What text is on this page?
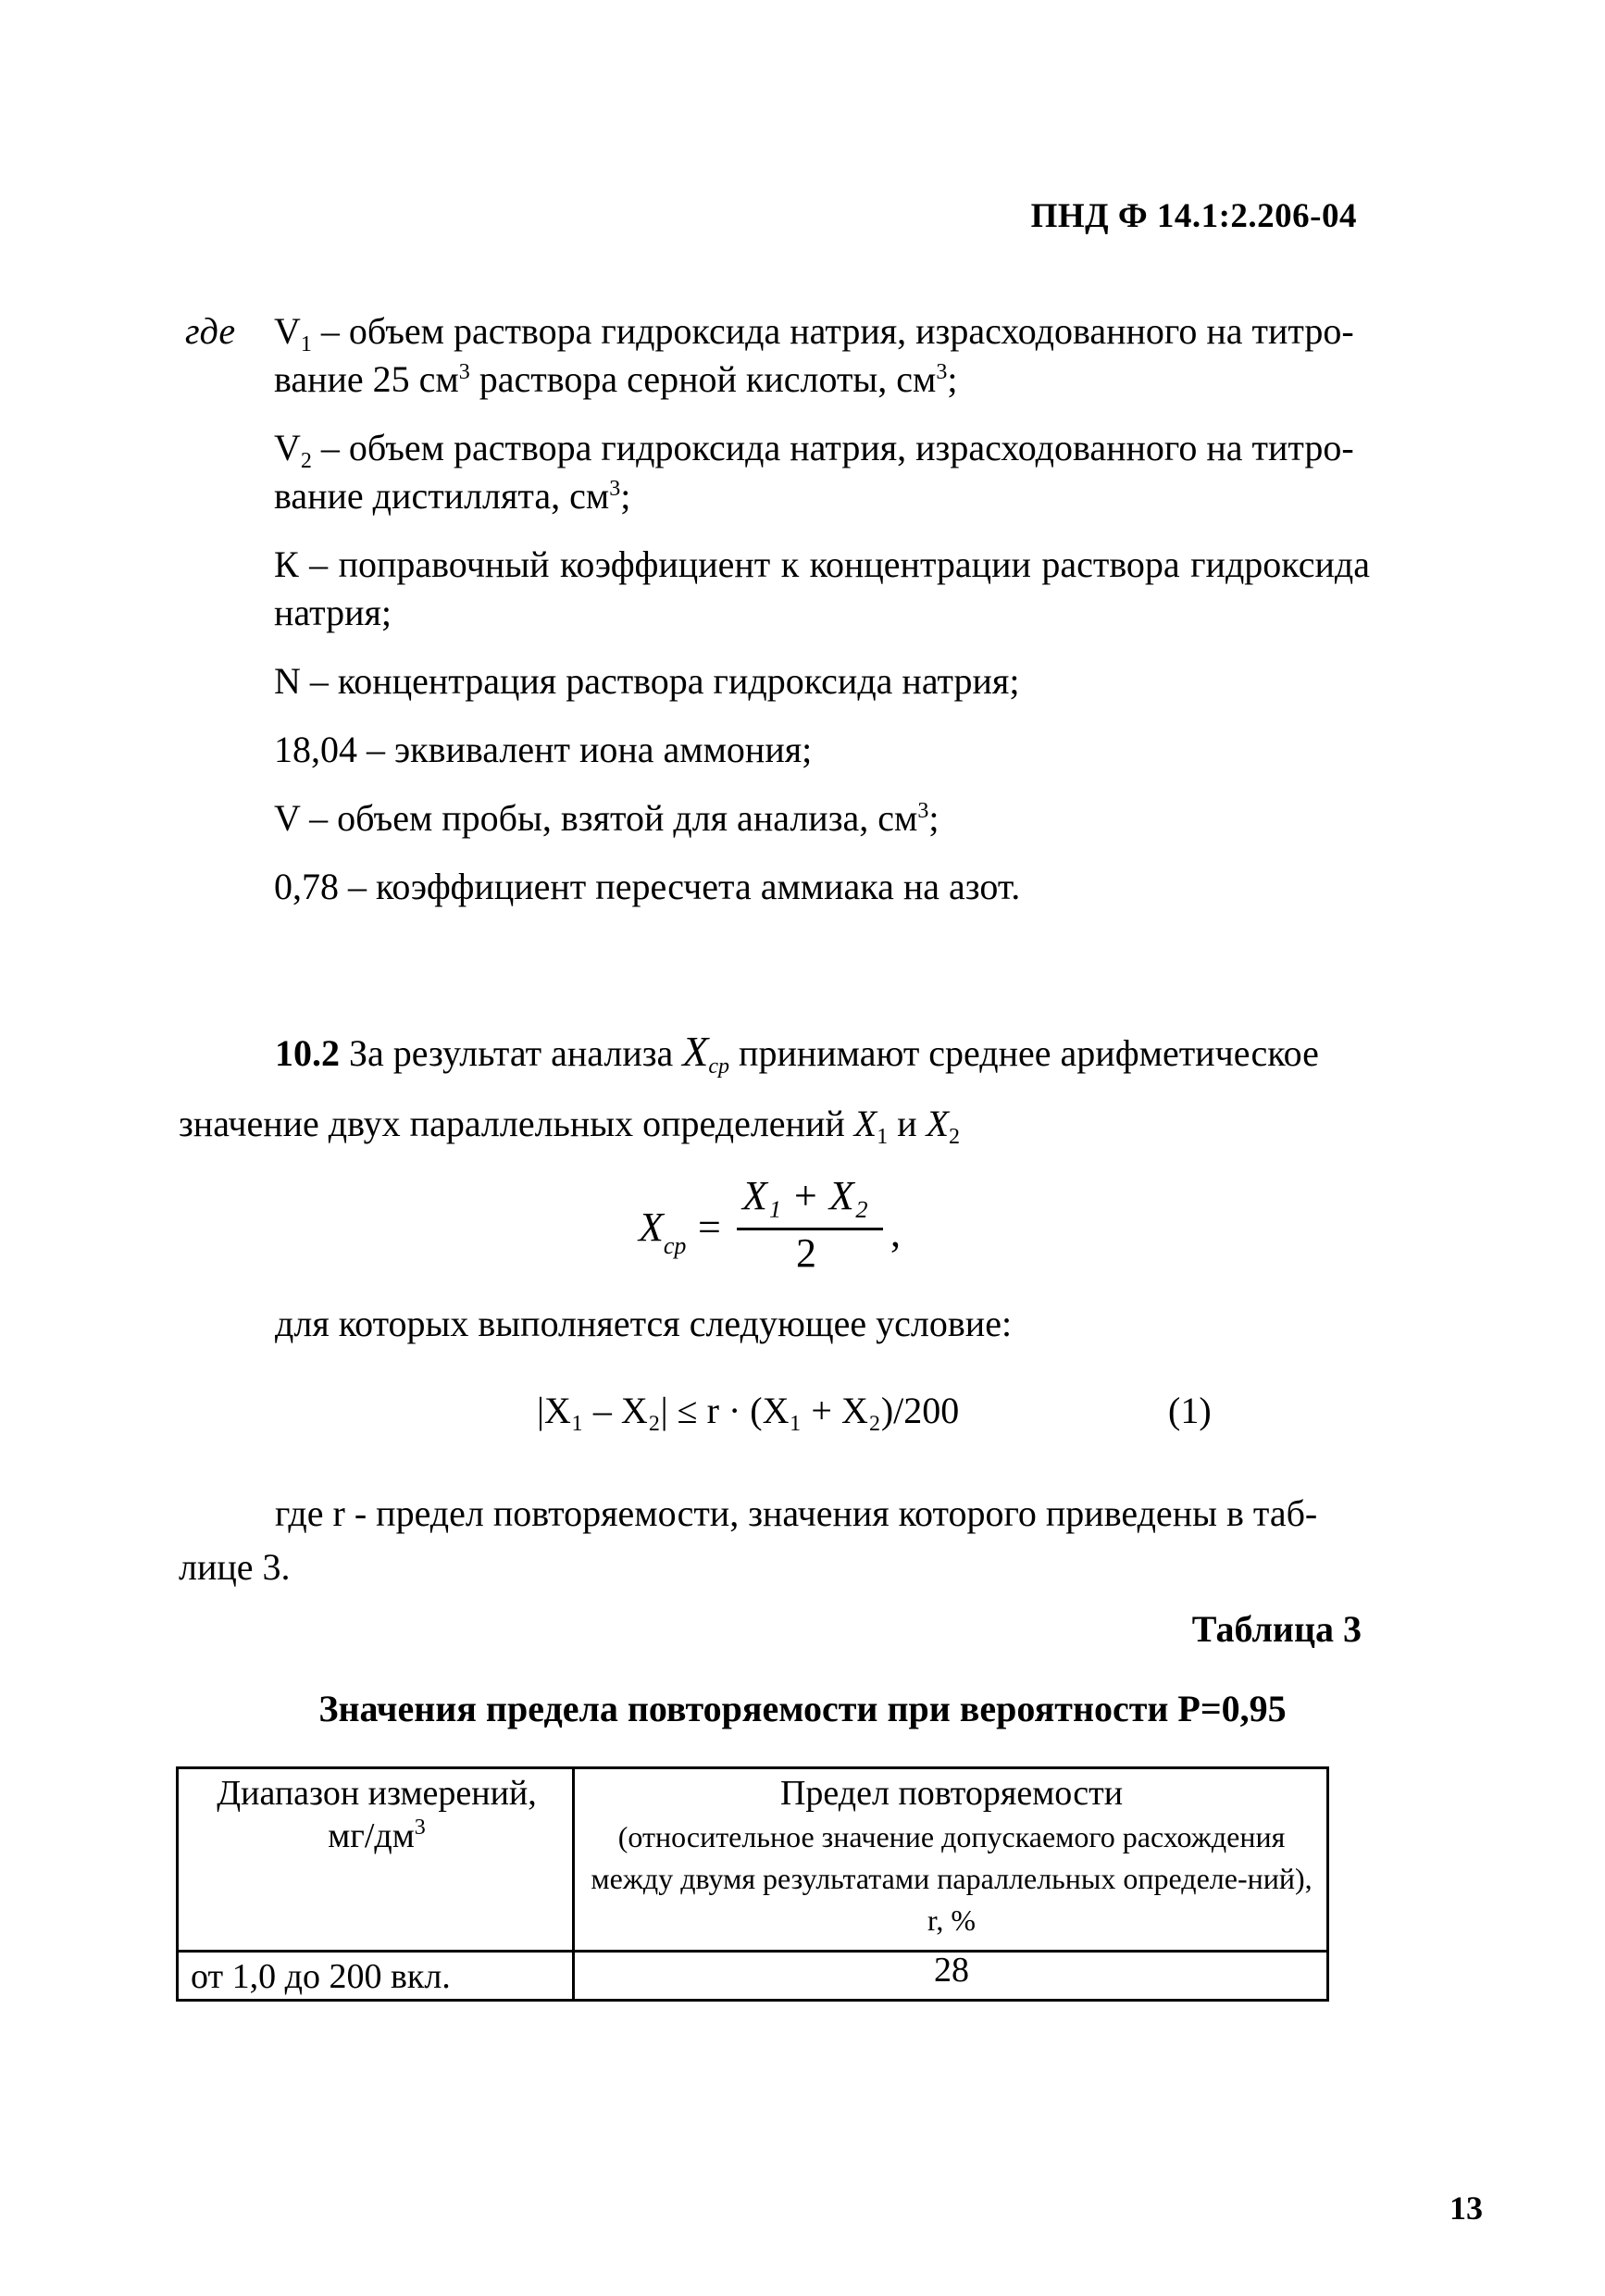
ПНД Ф 14.1:2.206-04
где $V_1$ – объем раствора гидроксида натрия, израсходованного на титро-
вание 25 $см^3$ раствора серной кислоты, $см^3$;
$V_2$ – объем раствора гидроксида натрия, израсходованного на титро-
вание дистиллята, $см^3$;
К – поправочный коэффициент к концентрации раствора гидроксида натрия;
N – концентрация раствора гидроксида натрия;
18,04 – эквивалент иона аммония;
V – объем пробы, взятой для анализа, $см^3$;
0,78 – коэффициент пересчета аммиака на азот.

10.2 За результат анализа $X_{ср}$ принимают среднее арифметическое

значение двух параллельных определений $X_1$ и $X_2$

$X_{ср}$ =
X₁ + X₂
2 ,
для которых выполняется следующее условие:
|X₁ – X₂| ≤ r · (X₁ + X₂)/200	(1)
где r - предел повторяемости, значения которого приведены в таб-
лице 3.
Таблица 3
Значения предела повторяемости при вероятности Р=0,95
Диапазон измерений,
$мг/дм^3$
Предел повторяемости
(относительное значение допускаемого расхождения между двумя результатами параллельных определе-ний), r, %
от 1,0 до 200 вкл.	28
13
